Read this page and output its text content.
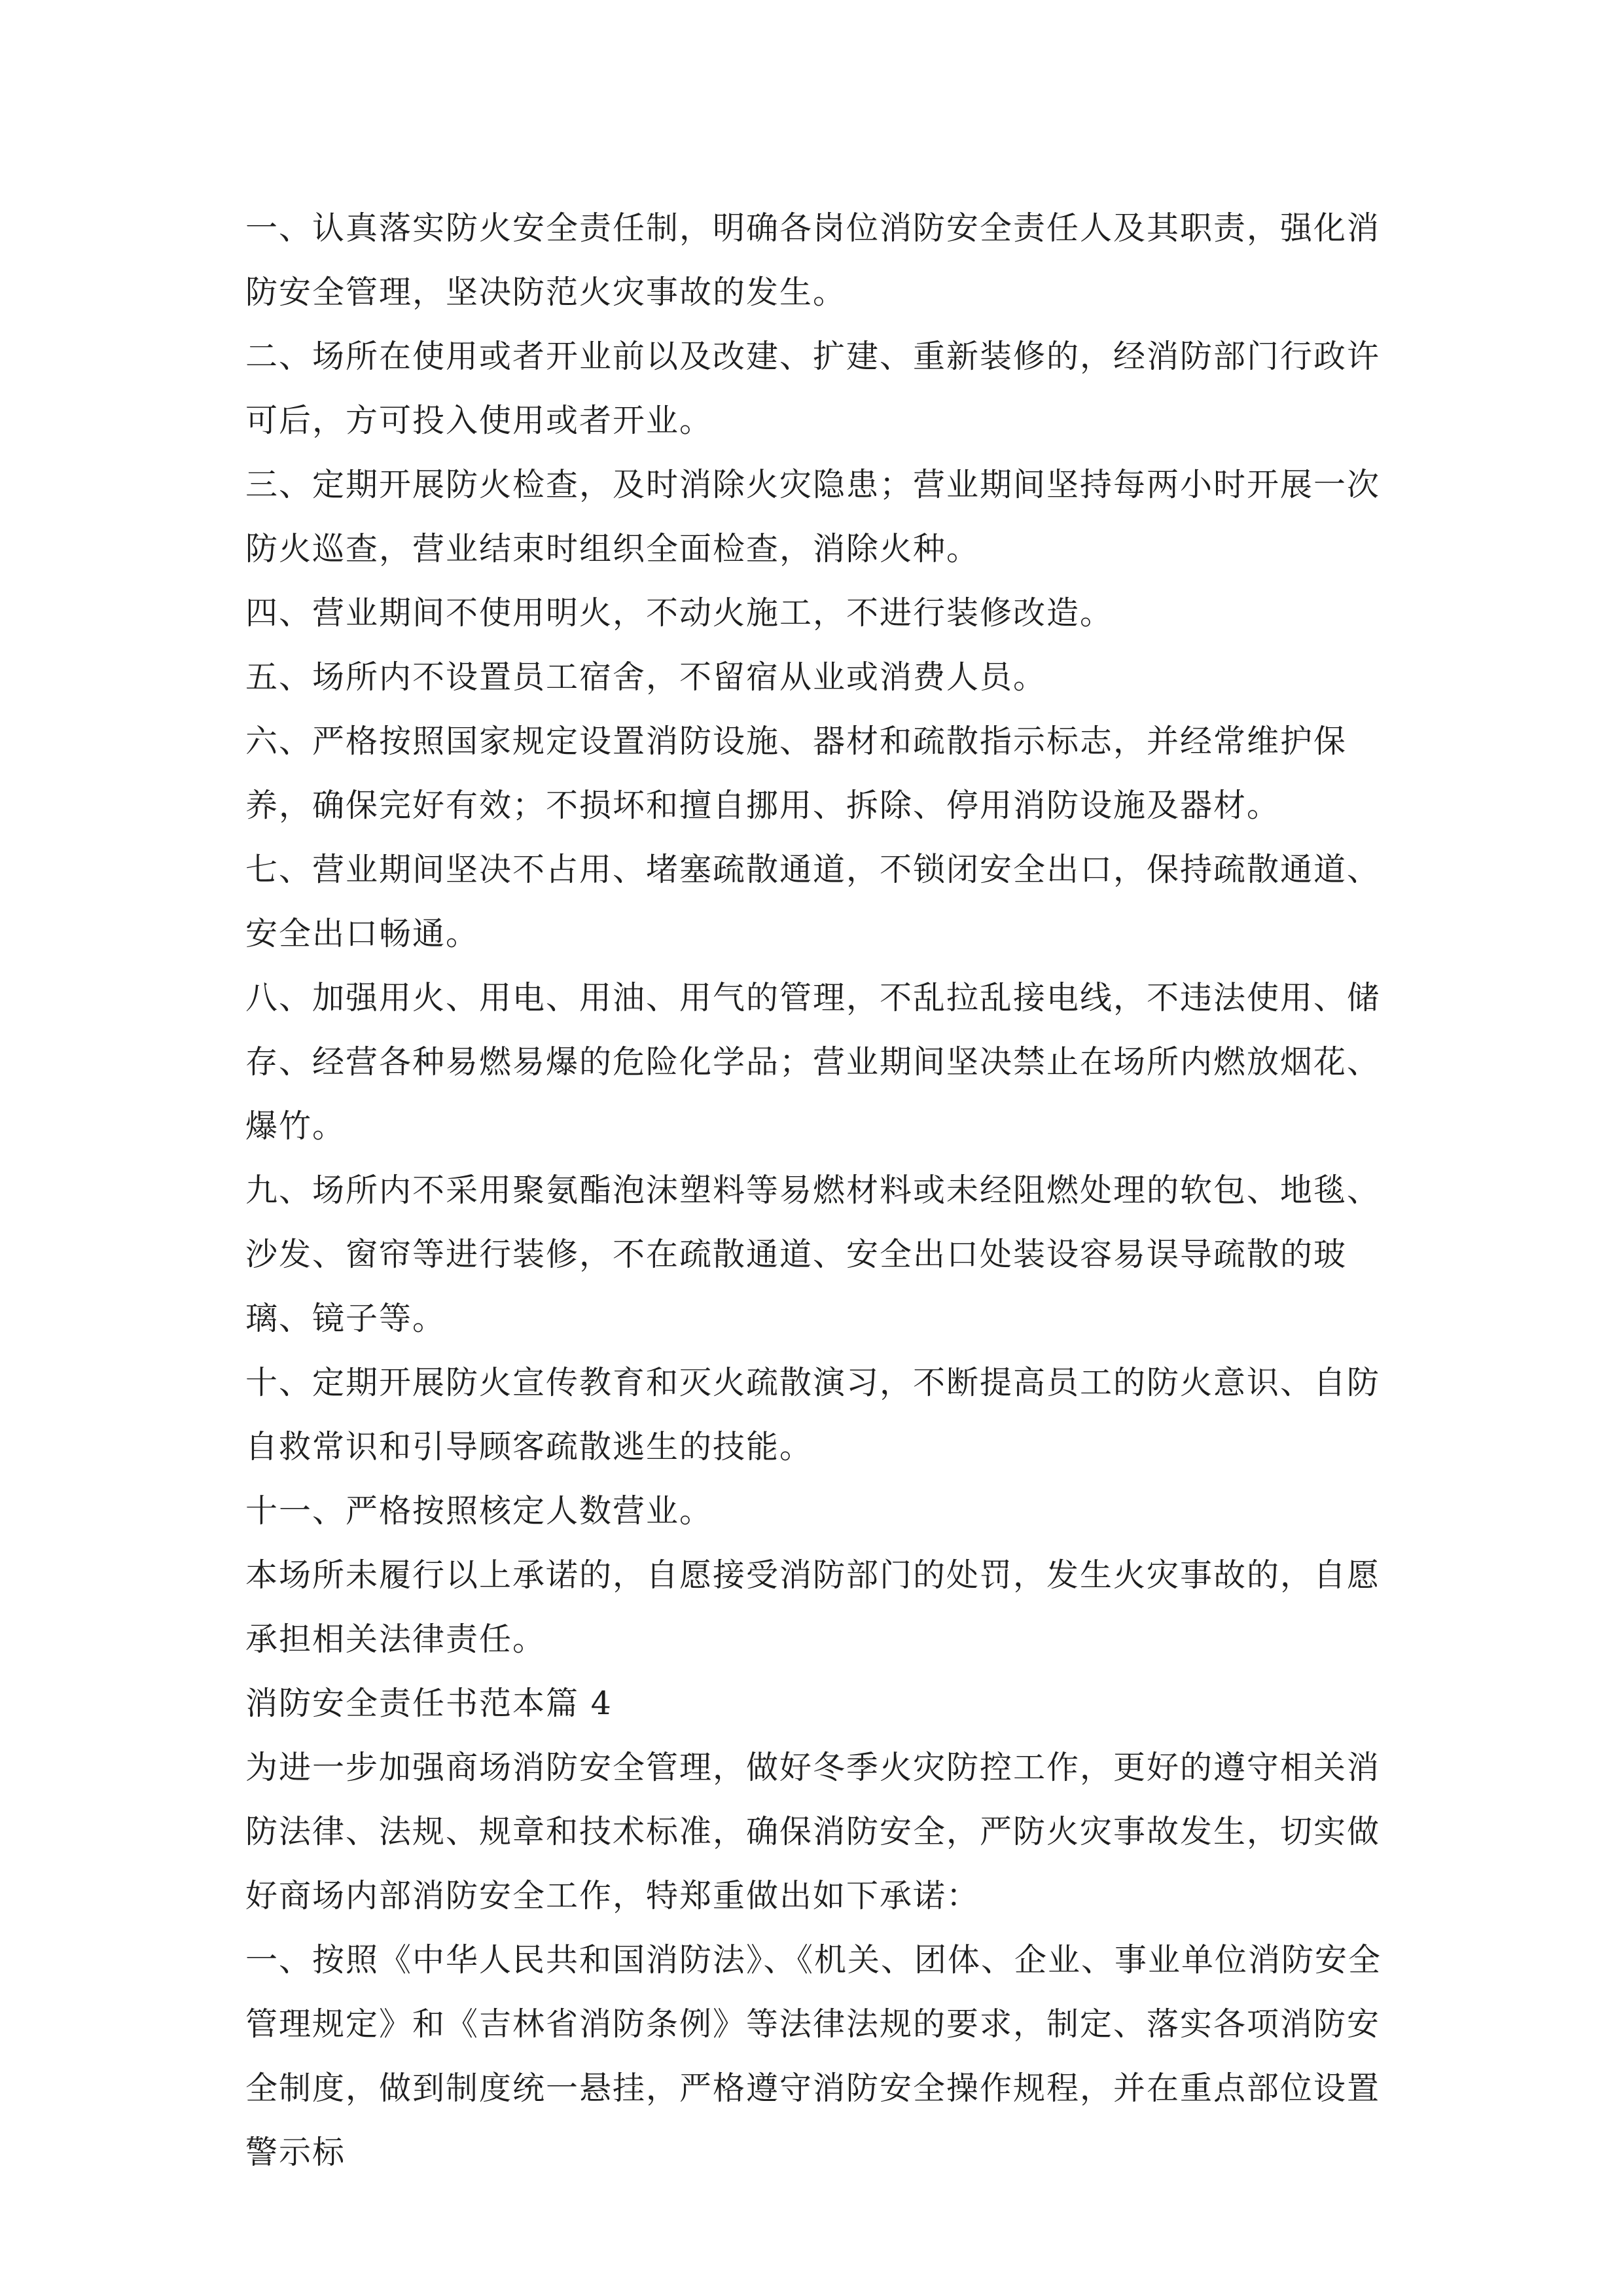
一、认真落实防火安全责任制，明确各岗位消防安全责任人及其职责，强化消防安全管理，坚决防范火灾事故的发生。

二、场所在使用或者开业前以及改建、扩建、重新装修的，经消防部门行政许可后，方可投入使用或者开业。

三、定期开展防火检查，及时消除火灾隐患；营业期间坚持每两小时开展一次防火巡查，营业结束时组织全面检查，消除火种。

四、营业期间不使用明火，不动火施工，不进行装修改造。

五、场所内不设置员工宿舍，不留宿从业或消费人员。

六、严格按照国家规定设置消防设施、器材和疏散指示标志，并经常维护保养，确保完好有效；不损坏和擅自挪用、拆除、停用消防设施及器材。

七、营业期间坚决不占用、堵塞疏散通道，不锁闭安全出口，保持疏散通道、安全出口畅通。

八、加强用火、用电、用油、用气的管理，不乱拉乱接电线，不违法使用、储存、经营各种易燃易爆的危险化学品；营业期间坚决禁止在场所内燃放烟花、爆竹。

九、场所内不采用聚氨酯泡沫塑料等易燃材料或未经阻燃处理的软包、地毯、沙发、窗帘等进行装修，不在疏散通道、安全出口处装设容易误导疏散的玻璃、镜子等。

十、定期开展防火宣传教育和灭火疏散演习，不断提高员工的防火意识、自防自救常识和引导顾客疏散逃生的技能。

十一、严格按照核定人数营业。

本场所未履行以上承诺的，自愿接受消防部门的处罚，发生火灾事故的，自愿承担相关法律责任。

消防安全责任书范本篇 4

为进一步加强商场消防安全管理，做好冬季火灾防控工作，更好的遵守相关消防法律、法规、规章和技术标准，确保消防安全，严防火灾事故发生，切实做好商场内部消防安全工作，特郑重做出如下承诺：

一、按照《中华人民共和国消防法》、《机关、团体、企业、事业单位消防安全管理规定》和《吉林省消防条例》等法律法规的要求，制定、落实各项消防安全制度，做到制度统一悬挂，严格遵守消防安全操作规程，并在重点部位设置警示标
